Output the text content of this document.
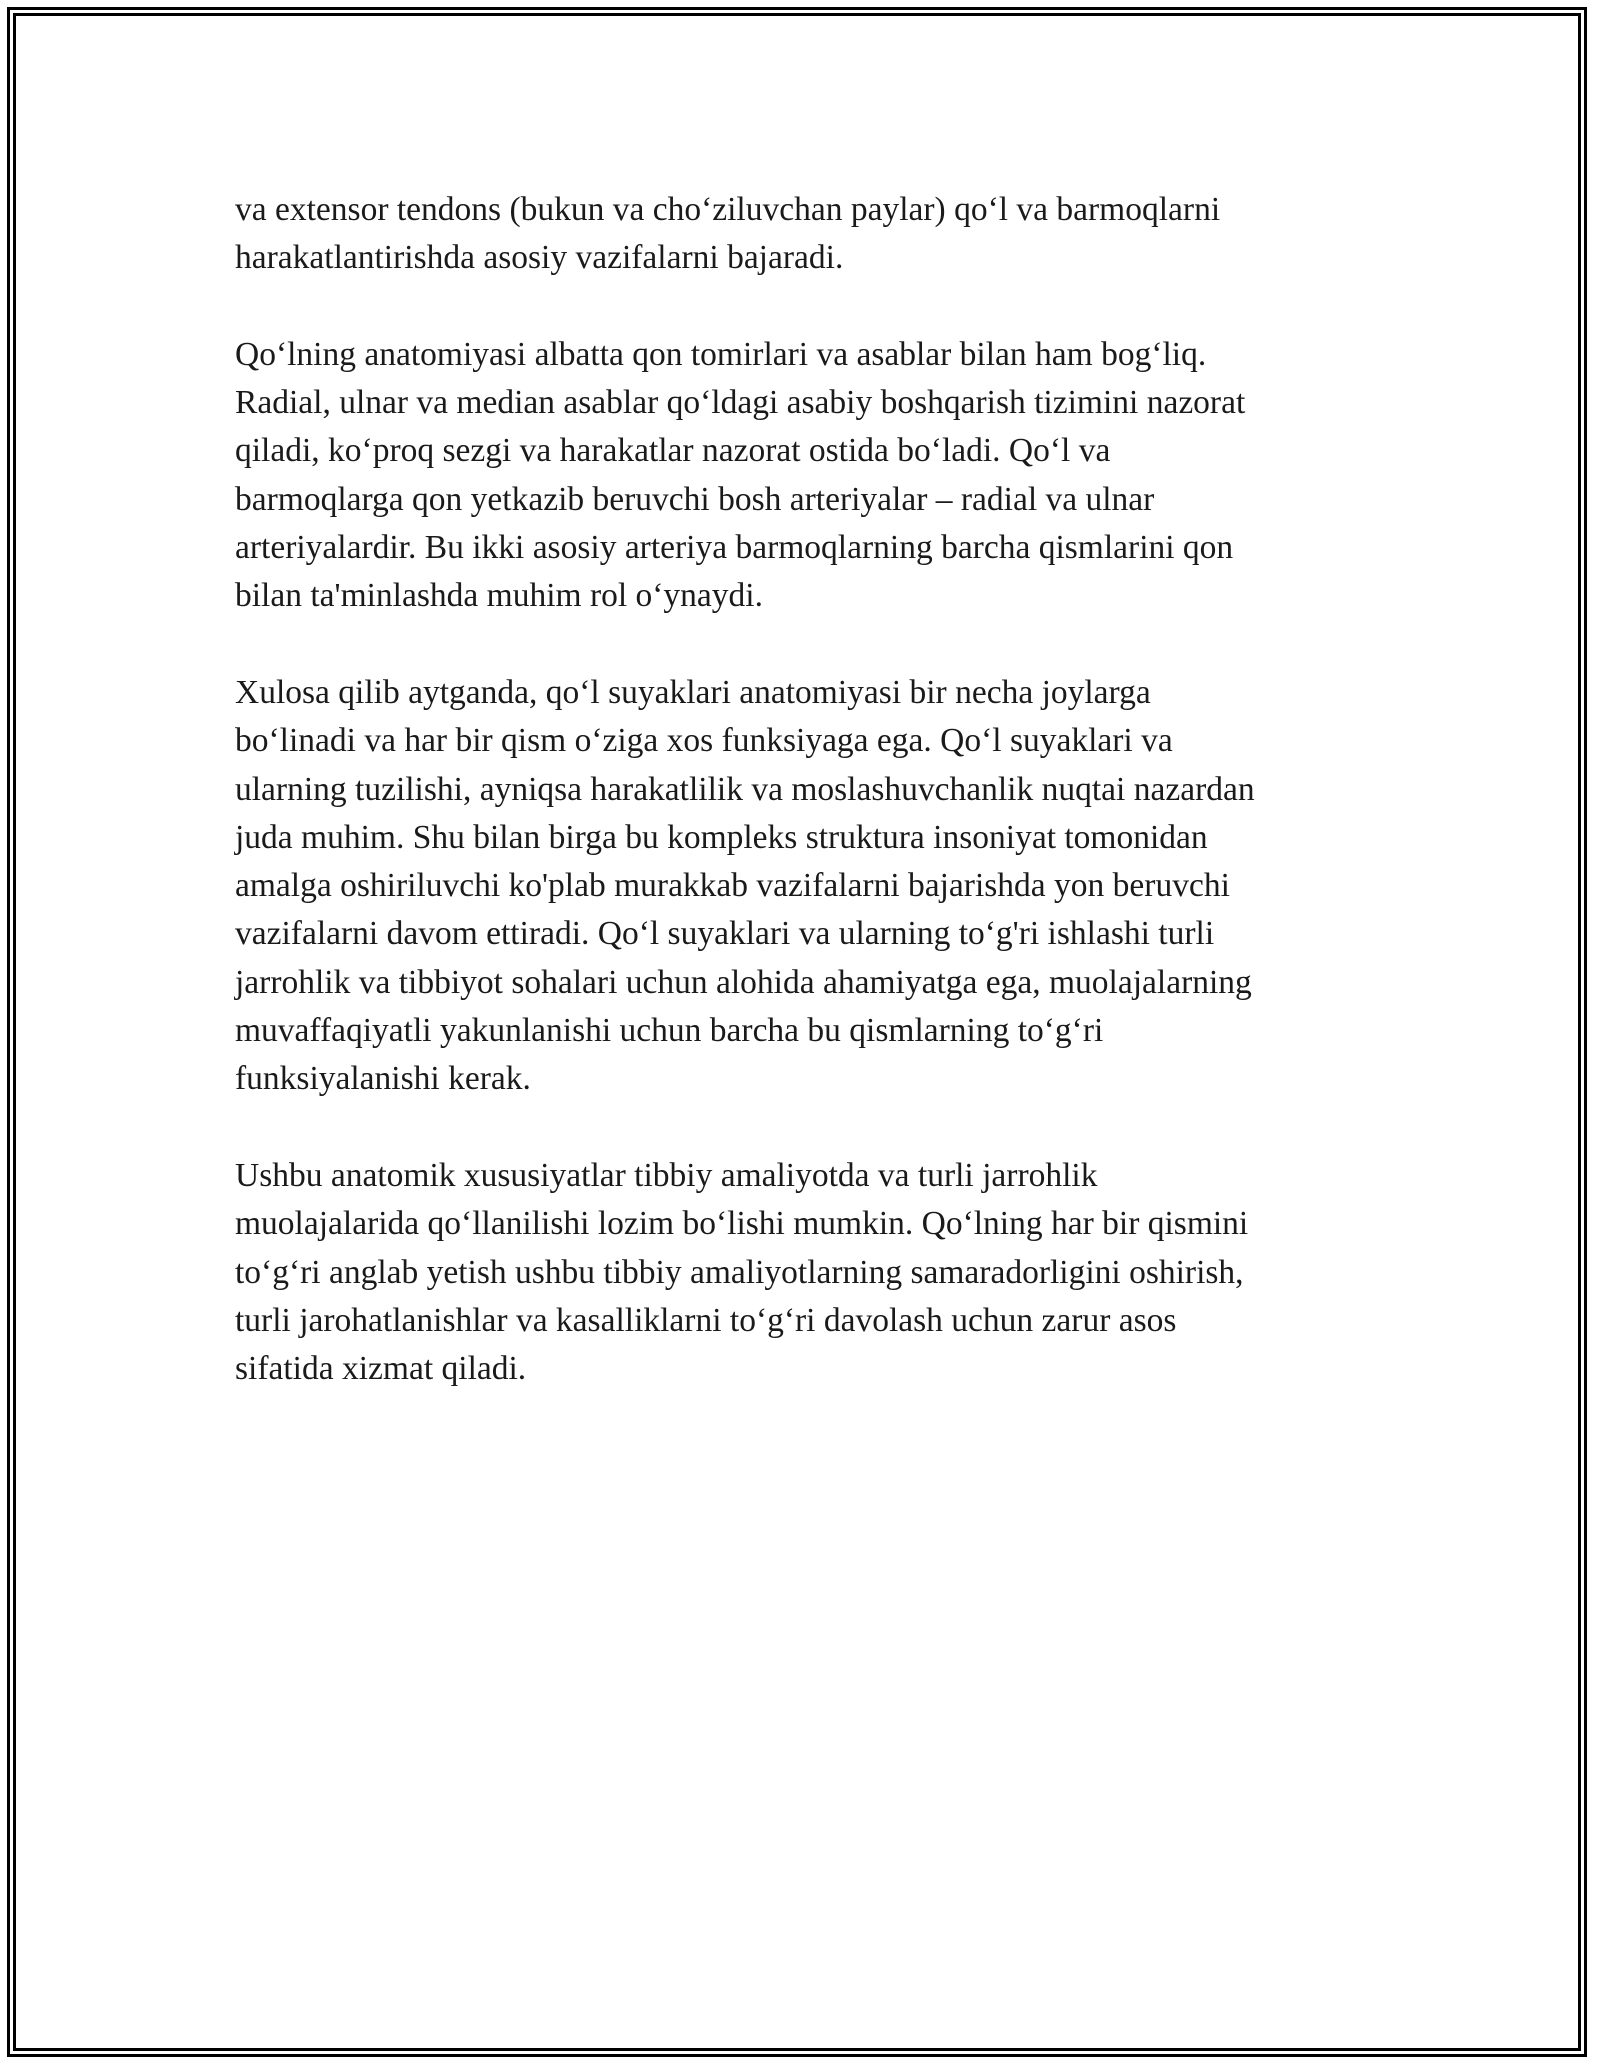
va extensor tendons (bukun va cho‘ziluvchan paylar) qo‘l va barmoqlarni
harakatlantirishda asosiy vazifalarni bajaradi.

Qo‘lning anatomiyasi albatta qon tomirlari va asablar bilan ham bog‘liq.
Radial, ulnar va median asablar qo‘ldagi asabiy boshqarish tizimini nazorat
qiladi, ko‘proq sezgi va harakatlar nazorat ostida bo‘ladi. Qo‘l va
barmoqlarga qon yetkazib beruvchi bosh arteriyalar – radial va ulnar
arteriyalardir. Bu ikki asosiy arteriya barmoqlarning barcha qismlarini qon
bilan ta'minlashda muhim rol o‘ynaydi.

Xulosa qilib aytganda, qo‘l suyaklari anatomiyasi bir necha joylarga
bo‘linadi va har bir qism o‘ziga xos funksiyaga ega. Qo‘l suyaklari va
ularning tuzilishi, ayniqsa harakatlilik va moslashuvchanlik nuqtai nazardan
juda muhim. Shu bilan birga bu kompleks struktura insoniyat tomonidan
amalga oshiriluvchi ko'plab murakkab vazifalarni bajarishda yon beruvchi
vazifalarni davom ettiradi. Qo‘l suyaklari va ularning to‘g'ri ishlashi turli
jarrohlik va tibbiyot sohalari uchun alohida ahamiyatga ega, muolajalarning
muvaffaqiyatli yakunlanishi uchun barcha bu qismlarning to‘g‘ri
funksiyalanishi kerak.

Ushbu anatomik xususiyatlar tibbiy amaliyotda va turli jarrohlik
muolajalarida qo‘llanilishi lozim bo‘lishi mumkin. Qo‘lning har bir qismini
to‘g‘ri anglab yetish ushbu tibbiy amaliyotlarning samaradorligini oshirish,
turli jarohatlanishlar va kasalliklarni to‘g‘ri davolash uchun zarur asos
sifatida xizmat qiladi.
